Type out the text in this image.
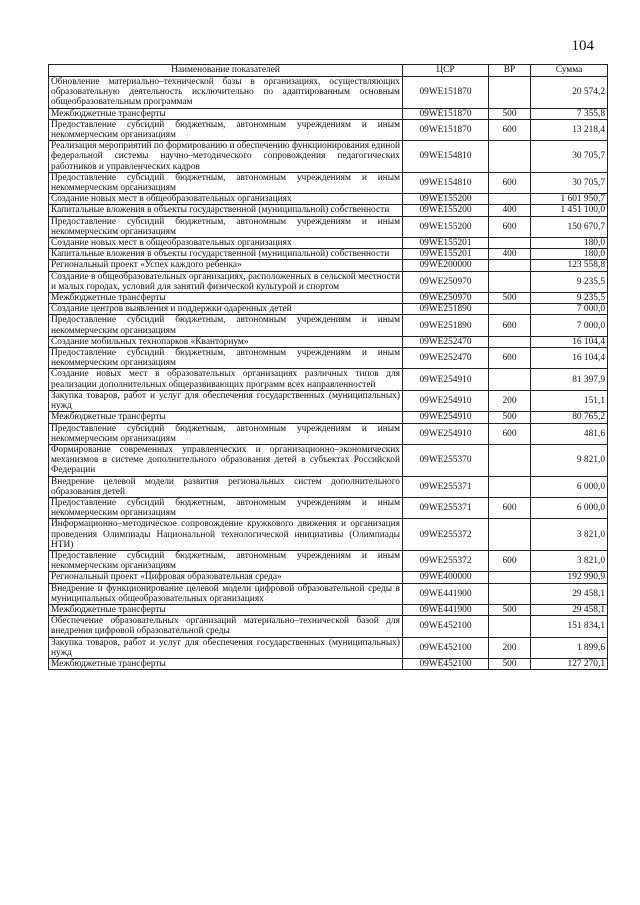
104
Наименование показателей	ЦСР	ВР	Сумма
Обновление материально–технической базы в организациях, осуществляющих образовательную деятельность исключительно по адаптированным основным общеобразовательным программам	09WE151870		20 574,2
Межбюджетные трансферты	09WE151870	500	7 355,8
Предоставление субсидий бюджетным, автономным учреждениям и иным некоммерческим организациям	09WE151870	600	13 218,4
Реализация мероприятий по формированию и обеспечению функционирования единой федеральной системы научно–методического сопровождения педагогических работников и управленческих кадров	09WE154810		30 705,7
Предоставление субсидий бюджетным, автономным учреждениям и иным некоммерческим организациям	09WE154810	600	30 705,7
Создание новых мест в общеобразовательных организациях	09WE155200		1 601 950,7
Капитальные вложения в объекты государственной (муниципальной) собственности	09WE155200	400	1 451 100,0
Предоставление субсидий бюджетным, автономным учреждениям и иным некоммерческим организациям	09WE155200	600	150 670,7
Создание новых мест в общеобразовательных организациях	09WE155201		180,0
Капитальные вложения в объекты государственной (муниципальной) собственности	09WE155201	400	180,0
Региональный проект «Успех каждого ребенка»	09WE200000		123 558,8
Создание в общеобразовательных организациях, расположенных в сельской местности и малых городах, условий для занятий физической культурой и спортом	09WE250970		9 235,5
Межбюджетные трансферты	09WE250970	500	9 235,5
Создание центров выявления и поддержки одаренных детей	09WE251890		7 000,0
Предоставление субсидий бюджетным, автономным учреждениям и иным некоммерческим организациям	09WE251890	600	7 000,0
Создание мобильных технопарков «Кванториум»	09WE252470		16 104,4
Предоставление субсидий бюджетным, автономным учреждениям и иным некоммерческим организациям	09WE252470	600	16 104,4
Создание новых мест в образовательных организациях различных типов для реализации дополнительных общеразвивающих программ всех направленностей	09WE254910		81 397,9
Закупка товаров, работ и услуг для обеспечения государственных (муниципальных) нужд	09WE254910	200	151,1
Межбюджетные трансферты	09WE254910	500	80 765,2
Предоставление субсидий бюджетным, автономным учреждениям и иным некоммерческим организациям	09WE254910	600	481,6
Формирование современных управленческих и организационно–экономических механизмов в системе дополнительного образования детей в субъектах Российской Федерации	09WE255370		9 821,0
Внедрение целевой модели развития региональных систем дополнительного образования детей	09WE255371		6 000,0
Предоставление субсидий бюджетным, автономным учреждениям и иным некоммерческим организациям	09WE255371	600	6 000,0
Информационно–методическое сопровождение кружкового движения и организация проведения Олимпиады Национальной технологической инициативы (Олимпиады НТИ)	09WE255372		3 821,0
Предоставление субсидий бюджетным, автономным учреждениям и иным некоммерческим организациям	09WE255372	600	3 821,0
Региональный проект «Цифровая образовательная среда»	09WE400000		192 990,9
Внедрение и функционирование целевой модели цифровой образовательной среды в муниципальных общеобразовательных организациях	09WE441900		29 458,1
Межбюджетные трансферты	09WE441900	500	29 458,1
Обеспечение образовательных организаций материально–технической базой для внедрения цифровой образовательной среды	09WE452100		151 834,1
Закупка товаров, работ и услуг для обеспечения государственных (муниципальных) нужд	09WE452100	200	1 899,6
Межбюджетные трансферты	09WE452100	500	127 270,1
